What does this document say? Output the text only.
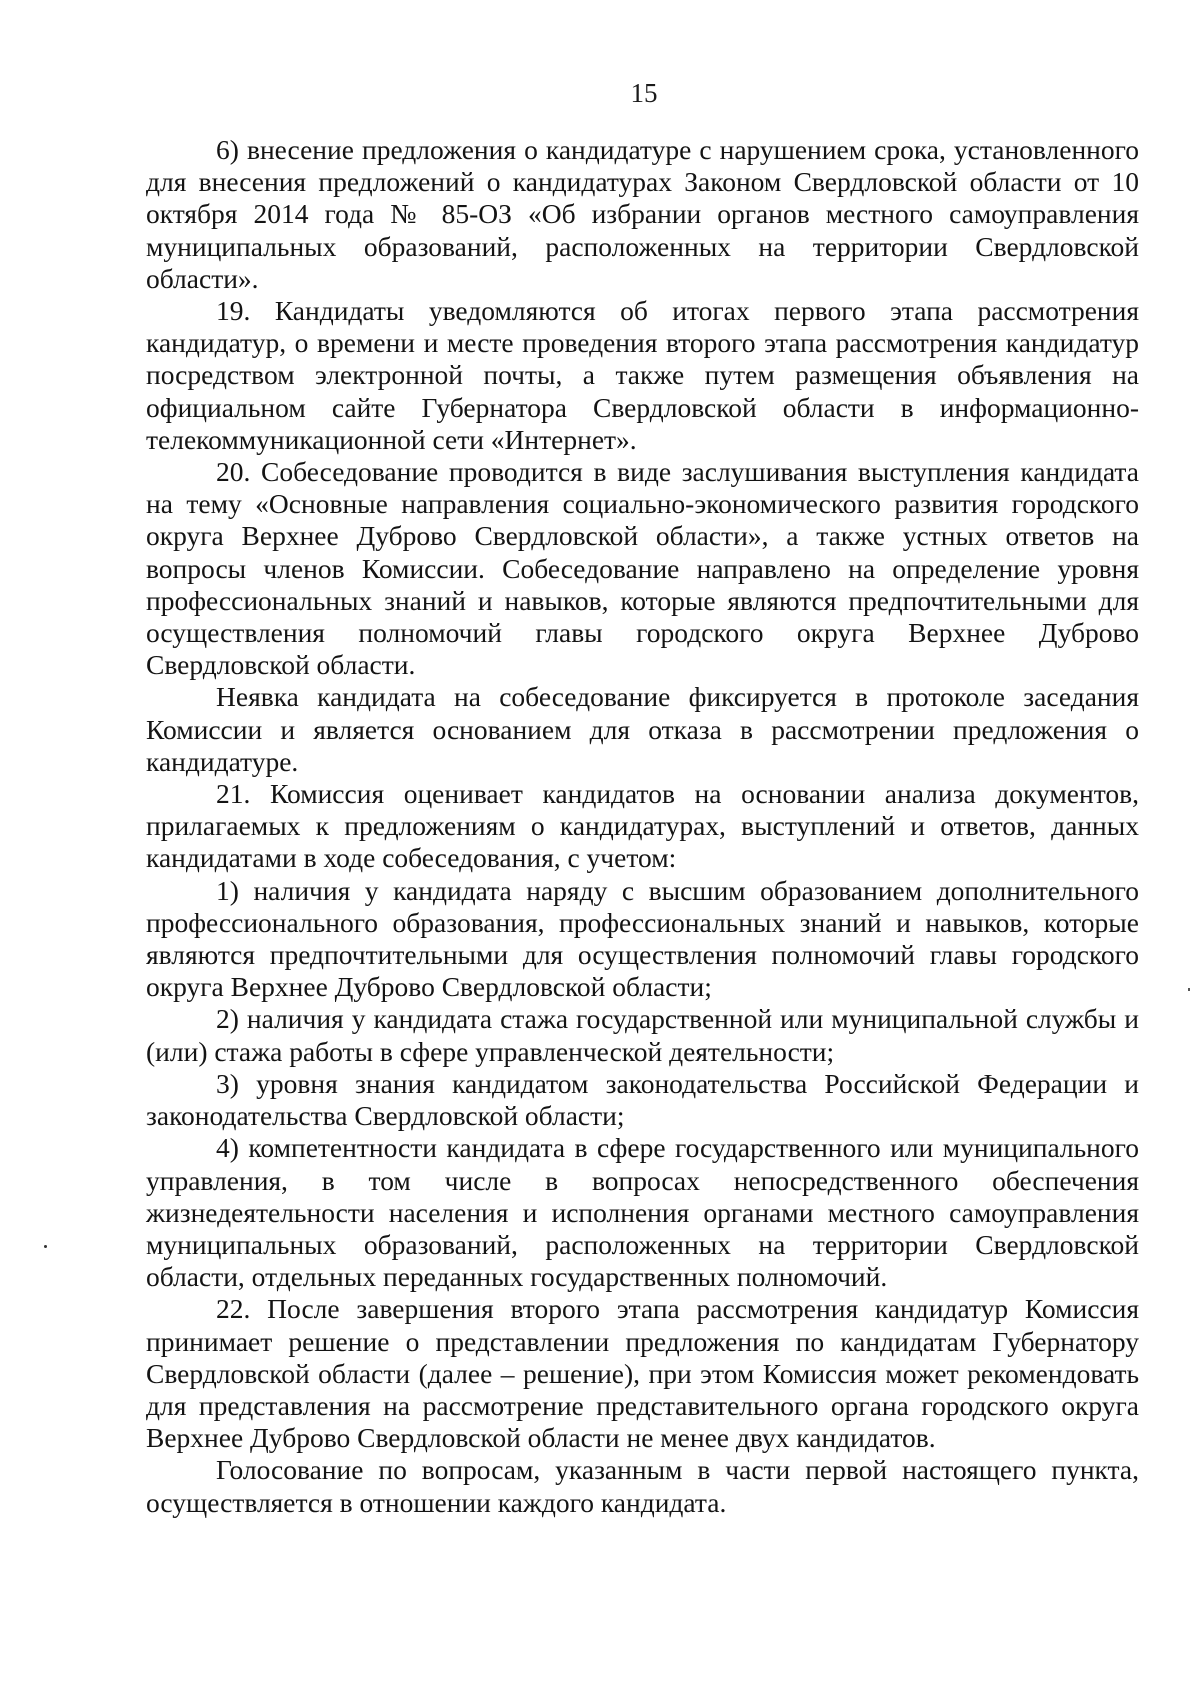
15

6) внесение предложения о кандидатуре с нарушением срока, установленного для внесения предложений о кандидатурах Законом Свердловской области от 10 октября 2014 года № 85-ОЗ «Об избрании органов местного самоуправления муниципальных образований, расположенных на территории Свердловской области».

19. Кандидаты уведомляются об итогах первого этапа рассмотрения кандидатур, о времени и месте проведения второго этапа рассмотрения кандидатур посредством электронной почты, а также путем размещения объявления на официальном сайте Губернатора Свердловской области в информационно-телекоммуникационной сети «Интернет».

20. Собеседование проводится в виде заслушивания выступления кандидата на тему «Основные направления социально-экономического развития городского округа Верхнее Дуброво Свердловской области», а также устных ответов на вопросы членов Комиссии. Собеседование направлено на определение уровня профессиональных знаний и навыков, которые являются предпочтительными для осуществления полномочий главы городского округа Верхнее Дуброво Свердловской области.

Неявка кандидата на собеседование фиксируется в протоколе заседания Комиссии и является основанием для отказа в рассмотрении предложения о кандидатуре.

21. Комиссия оценивает кандидатов на основании анализа документов, прилагаемых к предложениям о кандидатурах, выступлений и ответов, данных кандидатами в ходе собеседования, с учетом:

1) наличия у кандидата наряду с высшим образованием дополнительного профессионального образования, профессиональных знаний и навыков, которые являются предпочтительными для осуществления полномочий главы городского округа Верхнее Дуброво Свердловской области;

2) наличия у кандидата стажа государственной или муниципальной службы и (или) стажа работы в сфере управленческой деятельности;

3) уровня знания кандидатом законодательства Российской Федерации и законодательства Свердловской области;

4) компетентности кандидата в сфере государственного или муниципального управления, в том числе в вопросах непосредственного обеспечения жизнедеятельности населения и исполнения органами местного самоуправления муниципальных образований, расположенных на территории Свердловской области, отдельных переданных государственных полномочий.

22. После завершения второго этапа рассмотрения кандидатур Комиссия принимает решение о представлении предложения по кандидатам Губернатору Свердловской области (далее – решение), при этом Комиссия может рекомендовать для представления на рассмотрение представительного органа городского округа Верхнее Дуброво Свердловской области не менее двух кандидатов.

Голосование по вопросам, указанным в части первой настоящего пункта, осуществляется в отношении каждого кандидата.
